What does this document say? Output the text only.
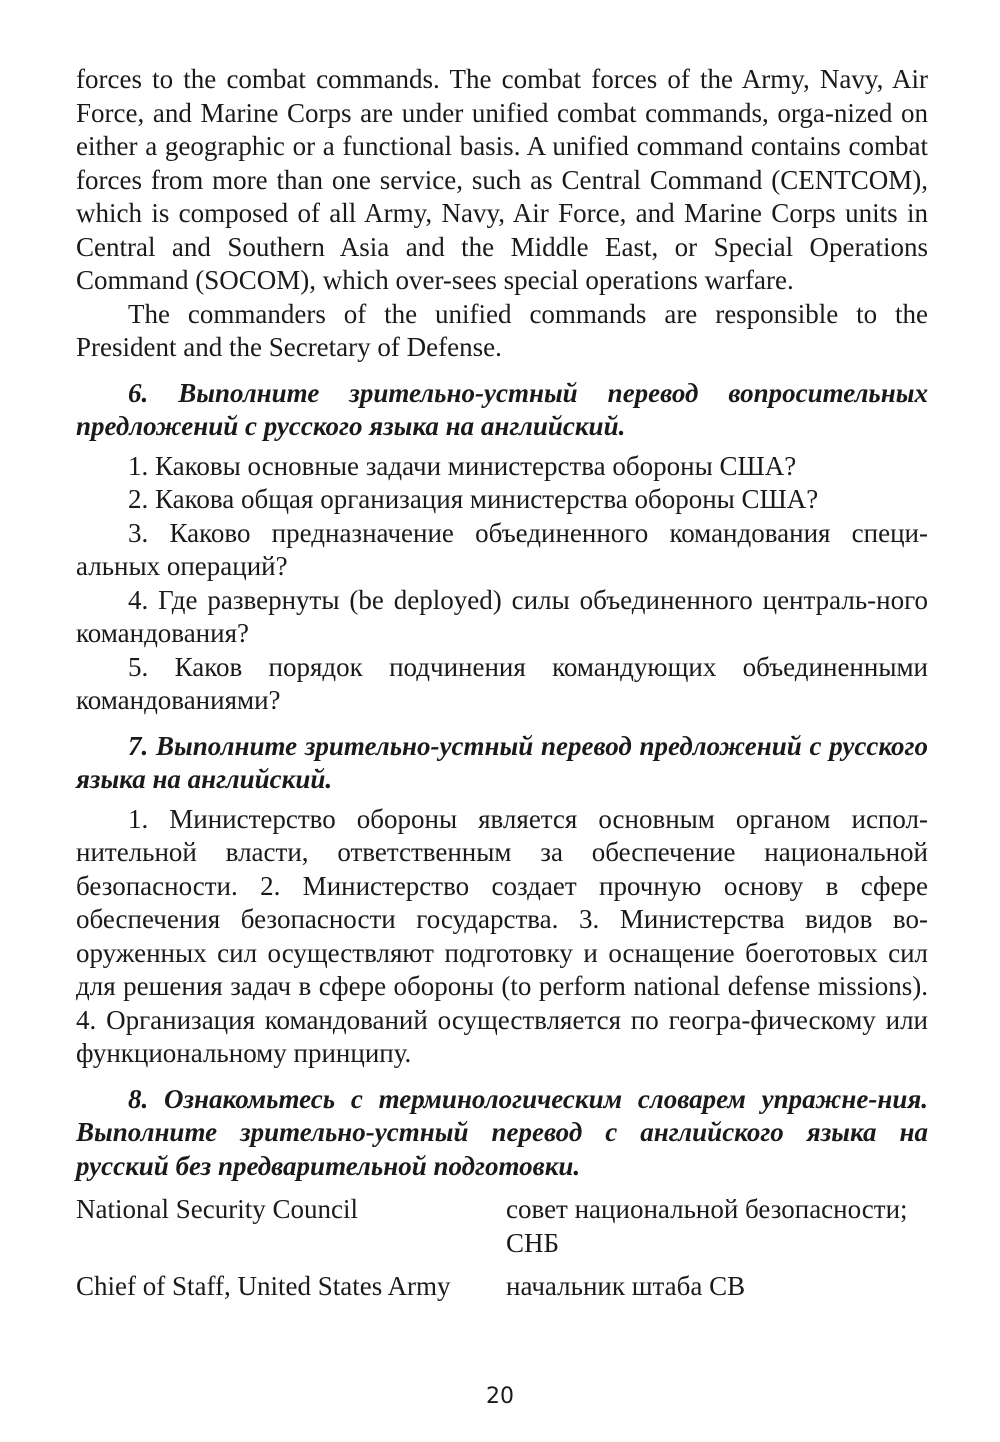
forces to the combat commands. The combat forces of the Army, Navy, Air Force, and Marine Corps are under unified combat commands, orga-nized on either a geographic or a functional basis. A unified command contains combat forces from more than one service, such as Central Command (CENTCOM), which is composed of all Army, Navy, Air Force, and Marine Corps units in Central and Southern Asia and the Middle East, or Special Operations Command (SOCOM), which over-sees special operations warfare.

The commanders of the unified commands are responsible to the President and the Secretary of Defense.

6. Выполните зрительно-устный перевод вопросительных предложений с русского языка на английский.

1. Каковы основные задачи министерства обороны США?

2. Какова общая организация министерства обороны США?

3. Каково предназначение объединенного командования специ-альных операций?

4. Где развернуты (be deployed) силы объединенного централь-ного командования?

5. Каков порядок подчинения командующих объединенными командованиями?

7. Выполните зрительно-устный перевод предложений с русского языка на английский.

1. Министерство обороны является основным органом испол-нительной власти, ответственным за обеспечение национальной безопасности. 2. Министерство создает прочную основу в сфере обеспечения безопасности государства. 3. Министерства видов во-оруженных сил осуществляют подготовку и оснащение боеготовых сил для решения задач в сфере обороны (to perform national defense missions). 4. Организация командований осуществляется по геогра-фическому или функциональному принципу.

8. Ознакомьтесь с терминологическим словарем упражне-ния. Выполните зрительно-устный перевод с английского языка на русский без предварительной подготовки.

National Security Council	совет национальной безопасности; СНБ
Chief of Staff, United States Army	начальник штаба СВ
20
